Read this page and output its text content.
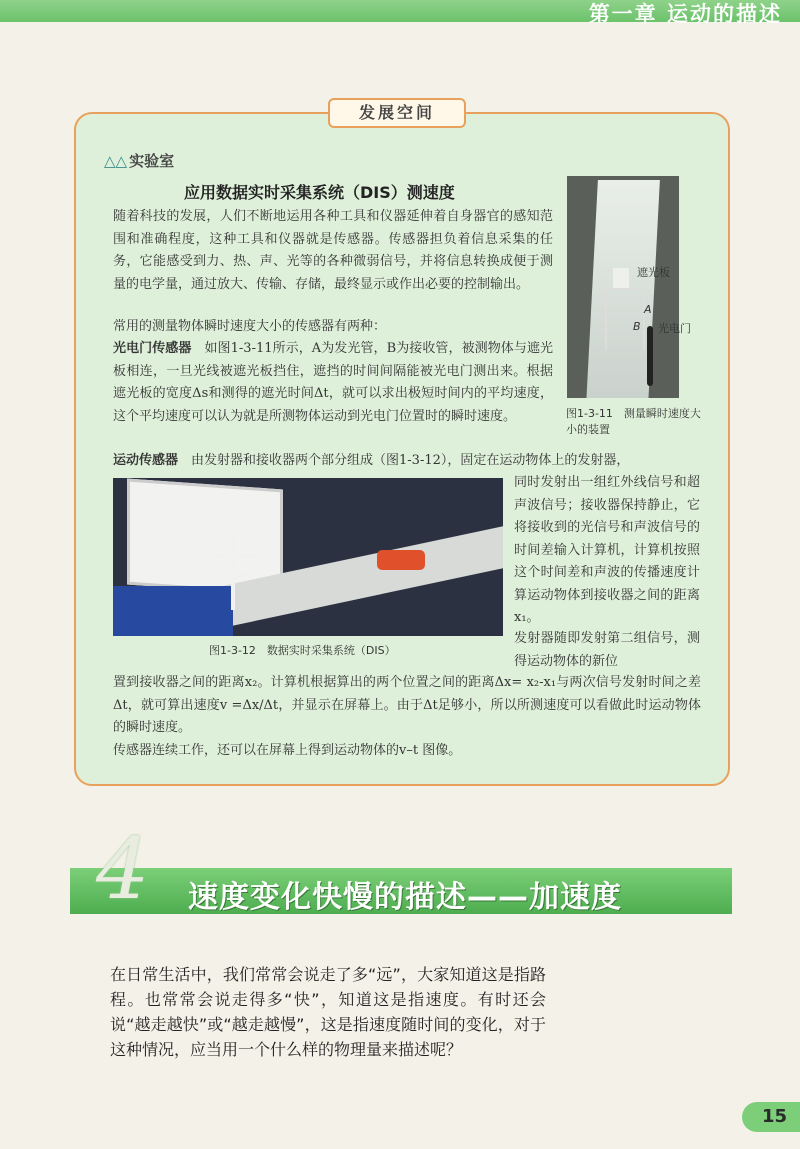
第一章 运动的描述
发展空间
△△ 实验室
应用数据实时采集系统（DIS）测速度

随着科技的发展，人们不断地运用各种工具和仪器延伸着自身器官的感知范围和准确程度，这种工具和仪器就是传感器。传感器担负着信息采集的任务，它能感受到力、热、声、光等的各种微弱信号，并将信息转换成便于测量的电学量，通过放大、传输、存储，最终显示或作出必要的控制输出。

常用的测量物体瞬时速度大小的传感器有两种：

光电门传感器　如图1-3-11所示，A为发光管，B为接收管，被测物体与遮光板相连，一旦光线被遮光板挡住，遮挡的时间间隔能被光电门测出来。根据遮光板的宽度Δs和测得的遮光时间Δt，就可以求出极短时间内的平均速度，这个平均速度可以认为就是所测物体运动到光电门位置时的瞬时速度。

运动传感器　由发射器和接收器两个部分组成（图1-3-12），固定在运动物体上的发射器，

同时发射出一组红外线信号和超声波信号；接收器保持静止，它将接收到的光信号和声波信号的时间差输入计算机，计算机按照这个时间差和声波的传播速度计算运动物体到接收器之间的距离x₁。

发射器随即发射第二组信号，测得运动物体的新位

置到接收器之间的距离x₂。计算机根据算出的两个位置之间的距离Δx= x₂-x₁与两次信号发射时间之差Δt，就可算出速度v =Δx/Δt，并显示在屏幕上。由于Δt足够小，所以所测速度可以看做此时运动物体的瞬时速度。

传感器连续工作，还可以在屏幕上得到运动物体的v–t 图像。

遮光板
A
B 光电门
图1-3-11　测量瞬时速度大小的装置
图1-3-12　数据实时采集系统（DIS）
4 速度变化快慢的描述——加速度

在日常生活中，我们常常会说走了多“远”，大家知道这是指路程。也常常会说走得多“快”，知道这是指速度。有时还会说“越走越快”或“越走越慢”，这是指速度随时间的变化，对于这种情况，应当用一个什么样的物理量来描述呢？

15
